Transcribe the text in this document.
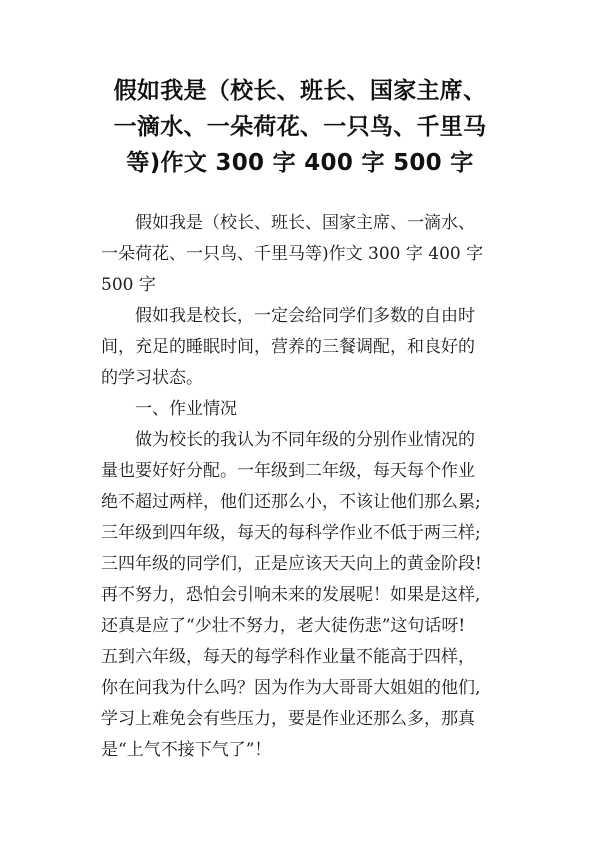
假如我是（校长、班长、国家主席、
一滴水、一朵荷花、一只鸟、千里马
等)作文 300 字 400 字 500 字

假如我是（校长、班长、国家主席、一滴水、
一朵荷花、一只鸟、千里马等)作文 300 字 400 字
500 字

假如我是校长，一定会给同学们多数的自由时
间，充足的睡眠时间，营养的三餐调配，和良好的
的学习状态。

一、作业情况

做为校长的我认为不同年级的分别作业情况的
量也要好好分配。一年级到二年级，每天每个作业
绝不超过两样，他们还那么小，不该让他们那么累;
三年级到四年级，每天的每科学作业不低于两三样;
三四年级的同学们，正是应该天天向上的黄金阶段!
再不努力，恐怕会引响未来的发展呢！如果是这样,
还真是应了“少壮不努力，老大徒伤悲”这句话呀!
五到六年级，每天的每学科作业量不能高于四样，
你在问我为什么吗？因为作为大哥哥大姐姐的他们,
学习上难免会有些压力，要是作业还那么多，那真
是“上气不接下气了”！
